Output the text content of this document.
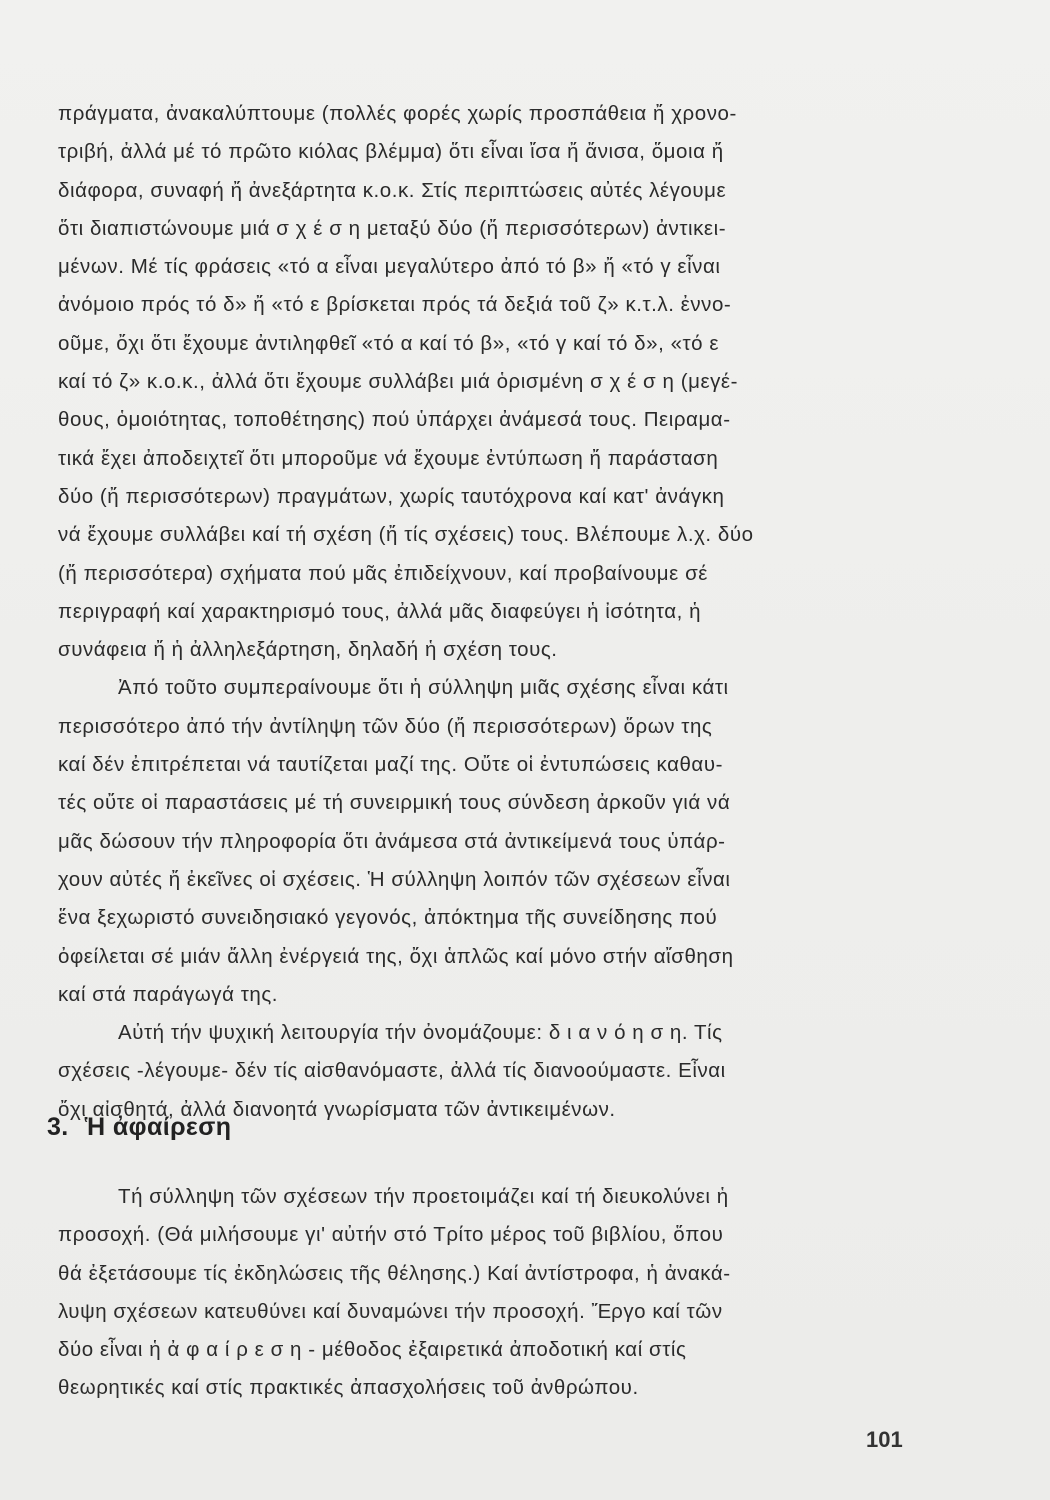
πράγματα, ἀνακαλύπτουμε (πολλές φορές χωρίς προσπάθεια ἤ χρονο-
τριβή, ἀλλά μέ τό πρῶτο κιόλας βλέμμα) ὅτι εἶναι ἴσα ἤ ἄνισα, ὅμοια ἤ
διάφορα, συναφή ἤ ἀνεξάρτητα κ.ο.κ. Στίς περιπτώσεις αὐτές λέγουμε
ὅτι διαπιστώνουμε μιά σ χ έ σ η μεταξύ δύο (ἤ περισσότερων) ἀντικει-
μένων. Μέ τίς φράσεις «τό α εἶναι μεγαλύτερο ἀπό τό β» ἤ «τό γ εἶναι
ἀνόμοιο πρός τό δ» ἤ «τό ε βρίσκεται πρός τά δεξιά τοῦ ζ» κ.τ.λ. ἐννο-
οῦμε, ὄχι ὅτι ἔχουμε ἀντιληφθεῖ «τό α καί τό β», «τό γ καί τό δ», «τό ε
καί τό ζ» κ.ο.κ., ἀλλά ὅτι ἔχουμε συλλάβει μιά ὁρισμένη σ χ έ σ η (μεγέ-
θους, ὁμοιότητας, τοποθέτησης) πού ὑπάρχει ἀνάμεσά τους. Πειραμα-
τικά ἔχει ἀποδειχτεῖ ὅτι μποροῦμε νά ἔχουμε ἐντύπωση ἤ παράσταση
δύο (ἤ περισσότερων) πραγμάτων, χωρίς ταυτόχρονα καί κατ' ἀνάγκη
νά ἔχουμε συλλάβει καί τή σχέση (ἤ τίς σχέσεις) τους. Βλέπουμε λ.χ. δύο
(ἤ περισσότερα) σχήματα πού μᾶς ἐπιδείχνουν, καί προβαίνουμε σέ
περιγραφή καί χαρακτηρισμό τους, ἀλλά μᾶς διαφεύγει ἡ ἰσότητα, ἡ
συνάφεια ἤ ἡ ἀλληλεξάρτηση, δηλαδή ἡ σχέση τους.
Ἀπό τοῦτο συμπεραίνουμε ὅτι ἡ σύλληψη μιᾶς σχέσης εἶναι κάτι
περισσότερο ἀπό τήν ἀντίληψη τῶν δύο (ἤ περισσότερων) ὅρων της
καί δέν ἐπιτρέπεται νά ταυτίζεται μαζί της. Οὔτε οἱ ἐντυπώσεις καθαυ-
τές οὔτε οἱ παραστάσεις μέ τή συνειρμική τους σύνδεση ἀρκοῦν γιά νά
μᾶς δώσουν τήν πληροφορία ὅτι ἀνάμεσα στά ἀντικείμενά τους ὑπάρ-
χουν αὐτές ἤ ἐκεῖνες οἱ σχέσεις. Ἡ σύλληψη λοιπόν τῶν σχέσεων εἶναι
ἕνα ξεχωριστό συνειδησιακό γεγονός, ἀπόκτημα τῆς συνείδησης πού
ὀφείλεται σέ μιάν ἄλλη ἐνέργειά της, ὄχι ἁπλῶς καί μόνο στήν αἴσθηση
καί στά παράγωγά της.
Αὐτή τήν ψυχική λειτουργία τήν ὀνομάζουμε: δ ι α ν ό η σ η. Τίς
σχέσεις -λέγουμε- δέν τίς αἰσθανόμαστε, ἀλλά τίς διανοούμαστε. Εἶναι
ὄχι αἰσθητά, ἀλλά διανοητά γνωρίσματα τῶν ἀντικειμένων.
3. Ἡ ἀφαίρεση
Τή σύλληψη τῶν σχέσεων τήν προετοιμάζει καί τή διευκολύνει ἡ
προσοχή. (Θά μιλήσουμε γι' αὐτήν στό Τρίτο μέρος τοῦ βιβλίου, ὅπου
θά ἐξετάσουμε τίς ἐκδηλώσεις τῆς θέλησης.) Καί ἀντίστροφα, ἡ ἀνακά-
λυψη σχέσεων κατευθύνει καί δυναμώνει τήν προσοχή. Ἔργο καί τῶν
δύο εἶναι ἡ ἀ φ α ί ρ ε σ η - μέθοδος ἐξαιρετικά ἀποδοτική καί στίς
θεωρητικές καί στίς πρακτικές ἀπασχολήσεις τοῦ ἀνθρώπου.
101
